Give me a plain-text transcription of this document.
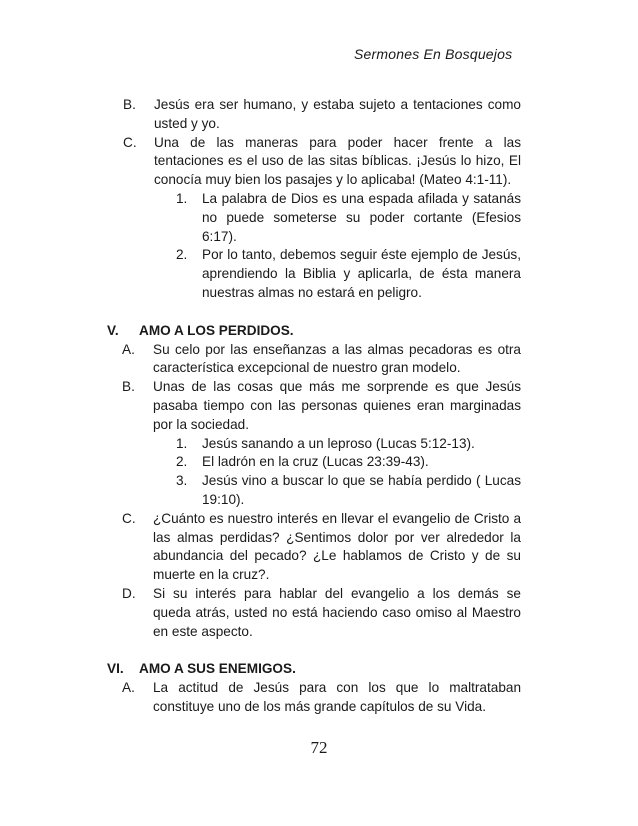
Sermones En Bosquejos
B. Jesús era ser humano, y estaba sujeto a tentaciones como usted y yo.
C. Una de las maneras para poder hacer frente a las tentaciones es el uso de las sitas bíblicas. ¡Jesús lo hizo, El conocía muy bien los pasajes y lo aplicaba! (Mateo 4:1-11).
1. La palabra de Dios es una espada afilada y satanás no puede someterse su poder cortante (Efesios 6:17).
2. Por lo tanto, debemos seguir éste ejemplo de Jesús, aprendiendo la Biblia y aplicarla, de ésta manera nuestras almas no estará en peligro.
V. AMO A LOS PERDIDOS.
A. Su celo por las enseñanzas a las almas pecadoras es otra característica excepcional de nuestro gran modelo.
B. Unas de las cosas que más me sorprende es que Jesús pasaba tiempo con las personas quienes eran marginadas por la sociedad.
1. Jesús sanando a un leproso (Lucas 5:12-13).
2. El ladrón en la cruz (Lucas 23:39-43).
3. Jesús vino a buscar lo que se había perdido ( Lucas 19:10).
C. ¿Cuánto es nuestro interés en llevar el evangelio de Cristo a las almas perdidas? ¿Sentimos dolor por ver alrededor la abundancia del pecado? ¿Le hablamos de Cristo y de su muerte en la cruz?.
D. Si su interés para hablar del evangelio a los demás se queda atrás, usted no está haciendo caso omiso al Maestro en este aspecto.
VI. AMO A SUS ENEMIGOS.
A. La actitud de Jesús para con los que lo maltrataban constituye uno de los más grande capítulos de su Vida.
72
